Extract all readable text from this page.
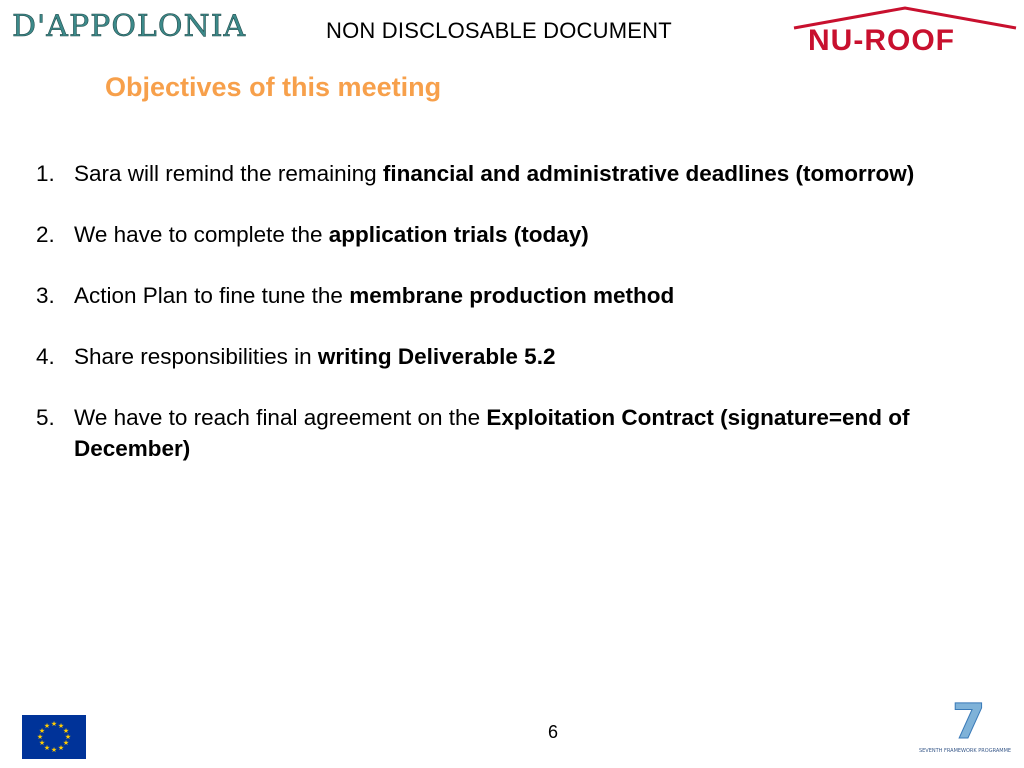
D'APPOLONIA	NON DISCLOSABLE DOCUMENT	NU-ROOF
Objectives of this meeting
1. Sara will remind the remaining financial and administrative deadlines (tomorrow)
2. We have to complete the application trials (today)
3. Action Plan to fine tune the membrane production method
4. Share responsibilities in writing Deliverable 5.2
5. We have to reach final agreement on the Exploitation Contract (signature=end of December)
★ ★
★
★
★
★
★
★
★
★
★
★	6	7
SEVENTH FRAMEWORK PROGRAMME
